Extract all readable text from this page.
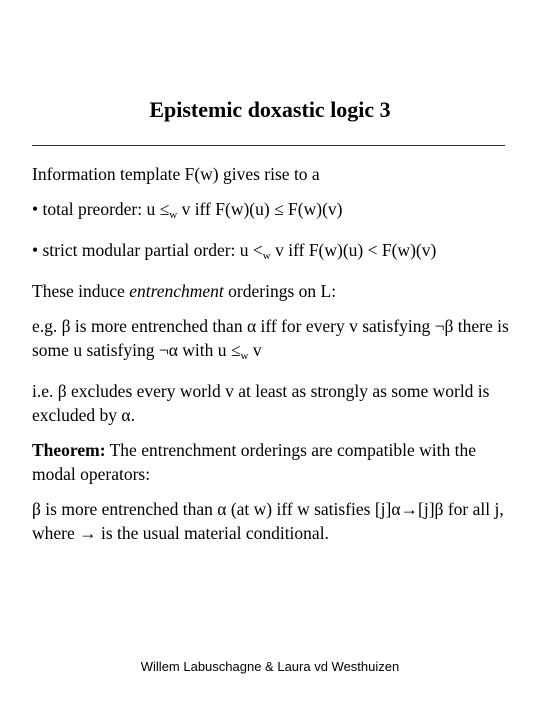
Epistemic doxastic logic 3

Information template F(w) gives rise to a

• total preorder: $u \le_w$ v iff F(w)(u) ≤ F(w)(v)

• strict modular partial order: $u <_w$ v iff F(w)(u) < F(w)(v)

These induce entrenchment orderings on L:

e.g. β is more entrenched than α iff for every v satisfying ¬β there is some u satisfying ¬α with $u \le_w$ v

i.e. β excludes every world v at least as strongly as some world is excluded by α.

Theorem: The entrenchment orderings are compatible with the modal operators:

β is more entrenched than α (at w) iff w satisfies [j]α→[j]β for all j, where → is the usual material conditional.

Willem Labuschagne & Laura vd Westhuizen
